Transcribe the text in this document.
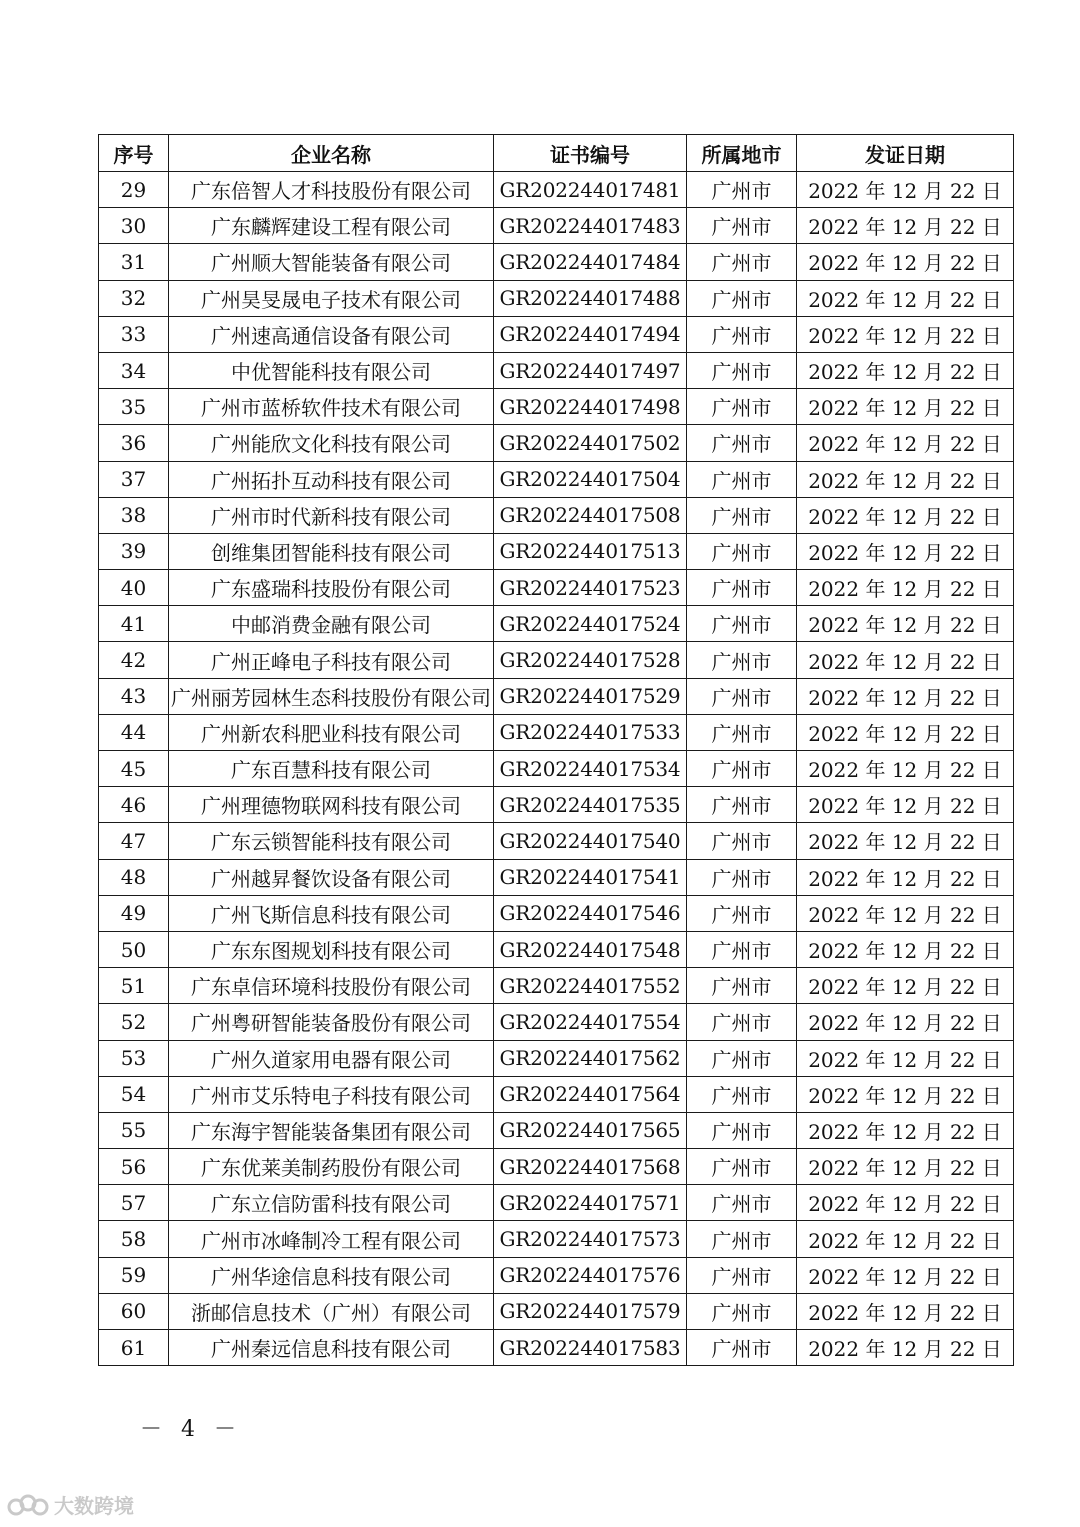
序号	企业名称	证书编号	所属地市	发证日期
29	广东倍智人才科技股份有限公司	GR202244017481	广州市	2022 年 12 月 22 日
30	广东麟辉建设工程有限公司	GR202244017483	广州市	2022 年 12 月 22 日
31	广州顺大智能装备有限公司	GR202244017484	广州市	2022 年 12 月 22 日
32	广州昊旻晟电子技术有限公司	GR202244017488	广州市	2022 年 12 月 22 日
33	广州速高通信设备有限公司	GR202244017494	广州市	2022 年 12 月 22 日
34	中优智能科技有限公司	GR202244017497	广州市	2022 年 12 月 22 日
35	广州市蓝桥软件技术有限公司	GR202244017498	广州市	2022 年 12 月 22 日
36	广州能欣文化科技有限公司	GR202244017502	广州市	2022 年 12 月 22 日
37	广州拓扑互动科技有限公司	GR202244017504	广州市	2022 年 12 月 22 日
38	广州市时代新科技有限公司	GR202244017508	广州市	2022 年 12 月 22 日
39	创维集团智能科技有限公司	GR202244017513	广州市	2022 年 12 月 22 日
40	广东盛瑞科技股份有限公司	GR202244017523	广州市	2022 年 12 月 22 日
41	中邮消费金融有限公司	GR202244017524	广州市	2022 年 12 月 22 日
42	广州正峰电子科技有限公司	GR202244017528	广州市	2022 年 12 月 22 日
43	广州丽芳园林生态科技股份有限公司	GR202244017529	广州市	2022 年 12 月 22 日
44	广州新农科肥业科技有限公司	GR202244017533	广州市	2022 年 12 月 22 日
45	广东百慧科技有限公司	GR202244017534	广州市	2022 年 12 月 22 日
46	广州理德物联网科技有限公司	GR202244017535	广州市	2022 年 12 月 22 日
47	广东云锁智能科技有限公司	GR202244017540	广州市	2022 年 12 月 22 日
48	广州越昇餐饮设备有限公司	GR202244017541	广州市	2022 年 12 月 22 日
49	广州飞斯信息科技有限公司	GR202244017546	广州市	2022 年 12 月 22 日
50	广东东图规划科技有限公司	GR202244017548	广州市	2022 年 12 月 22 日
51	广东卓信环境科技股份有限公司	GR202244017552	广州市	2022 年 12 月 22 日
52	广州粤研智能装备股份有限公司	GR202244017554	广州市	2022 年 12 月 22 日
53	广州久道家用电器有限公司	GR202244017562	广州市	2022 年 12 月 22 日
54	广州市艾乐特电子科技有限公司	GR202244017564	广州市	2022 年 12 月 22 日
55	广东海宇智能装备集团有限公司	GR202244017565	广州市	2022 年 12 月 22 日
56	广东优莱美制药股份有限公司	GR202244017568	广州市	2022 年 12 月 22 日
57	广东立信防雷科技有限公司	GR202244017571	广州市	2022 年 12 月 22 日
58	广州市冰峰制冷工程有限公司	GR202244017573	广州市	2022 年 12 月 22 日
59	广州华途信息科技有限公司	GR202244017576	广州市	2022 年 12 月 22 日
60	浙邮信息技术（广州）有限公司	GR202244017579	广州市	2022 年 12 月 22 日
61	广州秦远信息科技有限公司	GR202244017583	广州市	2022 年 12 月 22 日
－ 4 －
大数跨境
